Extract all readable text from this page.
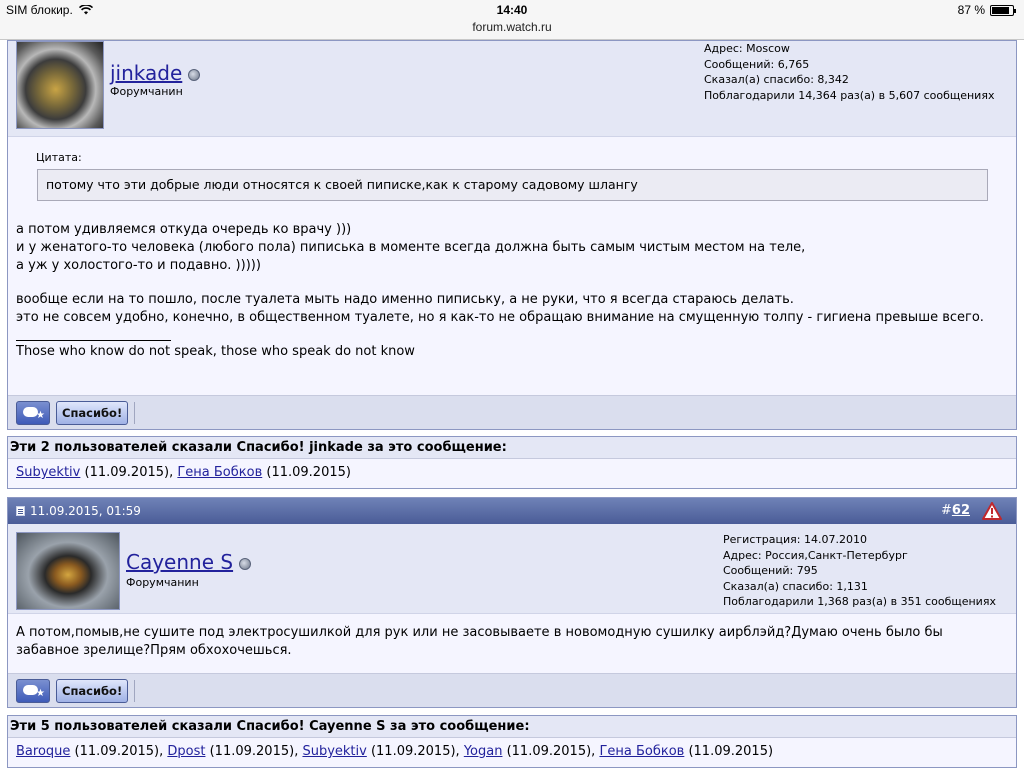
SIM блокир.	14:40
forum.watch.ru
87 %
jinkade
Форумчанин
Адрес: Moscow
Сообщений: 6,765
Сказал(а) спасибо: 8,342
Поблагодарили 14,364 раз(а) в 5,607 сообщениях
Цитата:
потому что эти добрые люди относятся к своей пиписке,как к старому садовому шлангу
а потом удивляемся откуда очередь ко врачу )))
и у женатого-то человека (любого пола) пиписька в моменте всегда должна быть самым чистым местом на теле,
а уж у холостого-то и подавно. )))))
вообще если на то пошло, после туалета мыть надо именно пипиську, а не руки, что я всегда стараюсь делать.
это не совсем удобно, конечно, в общественном туалете, но я как-то не обращаю внимание на смущенную толпу - гигиена превыше всего.
Those who know do not speak, those who speak do not know
★	Спасибо!
Эти 2 пользователей сказали Спасибо! jinkade за это сообщение:
Subyektiv (11.09.2015), Гена Бобков (11.09.2015)
11.09.2015, 01:59	#62
Cayenne S
Форумчанин
Регистрация: 14.07.2010
Адрес: Россия,Санкт-Петербург
Сообщений: 795
Сказал(а) спасибо: 1,131
Поблагодарили 1,368 раз(а) в 351 сообщениях
А потом,помыв,не сушите под электросушилкой для рук или не засовываете в новомодную сушилку аирблэйд?Думаю очень было бы
забавное зрелище?Прям обхохочешься.
★	Спасибо!
Эти 5 пользователей сказали Спасибо! Cayenne S за это сообщение:
Baroque (11.09.2015), Dpost (11.09.2015), Subyektiv (11.09.2015), Yogan (11.09.2015), Гена Бобков (11.09.2015)
